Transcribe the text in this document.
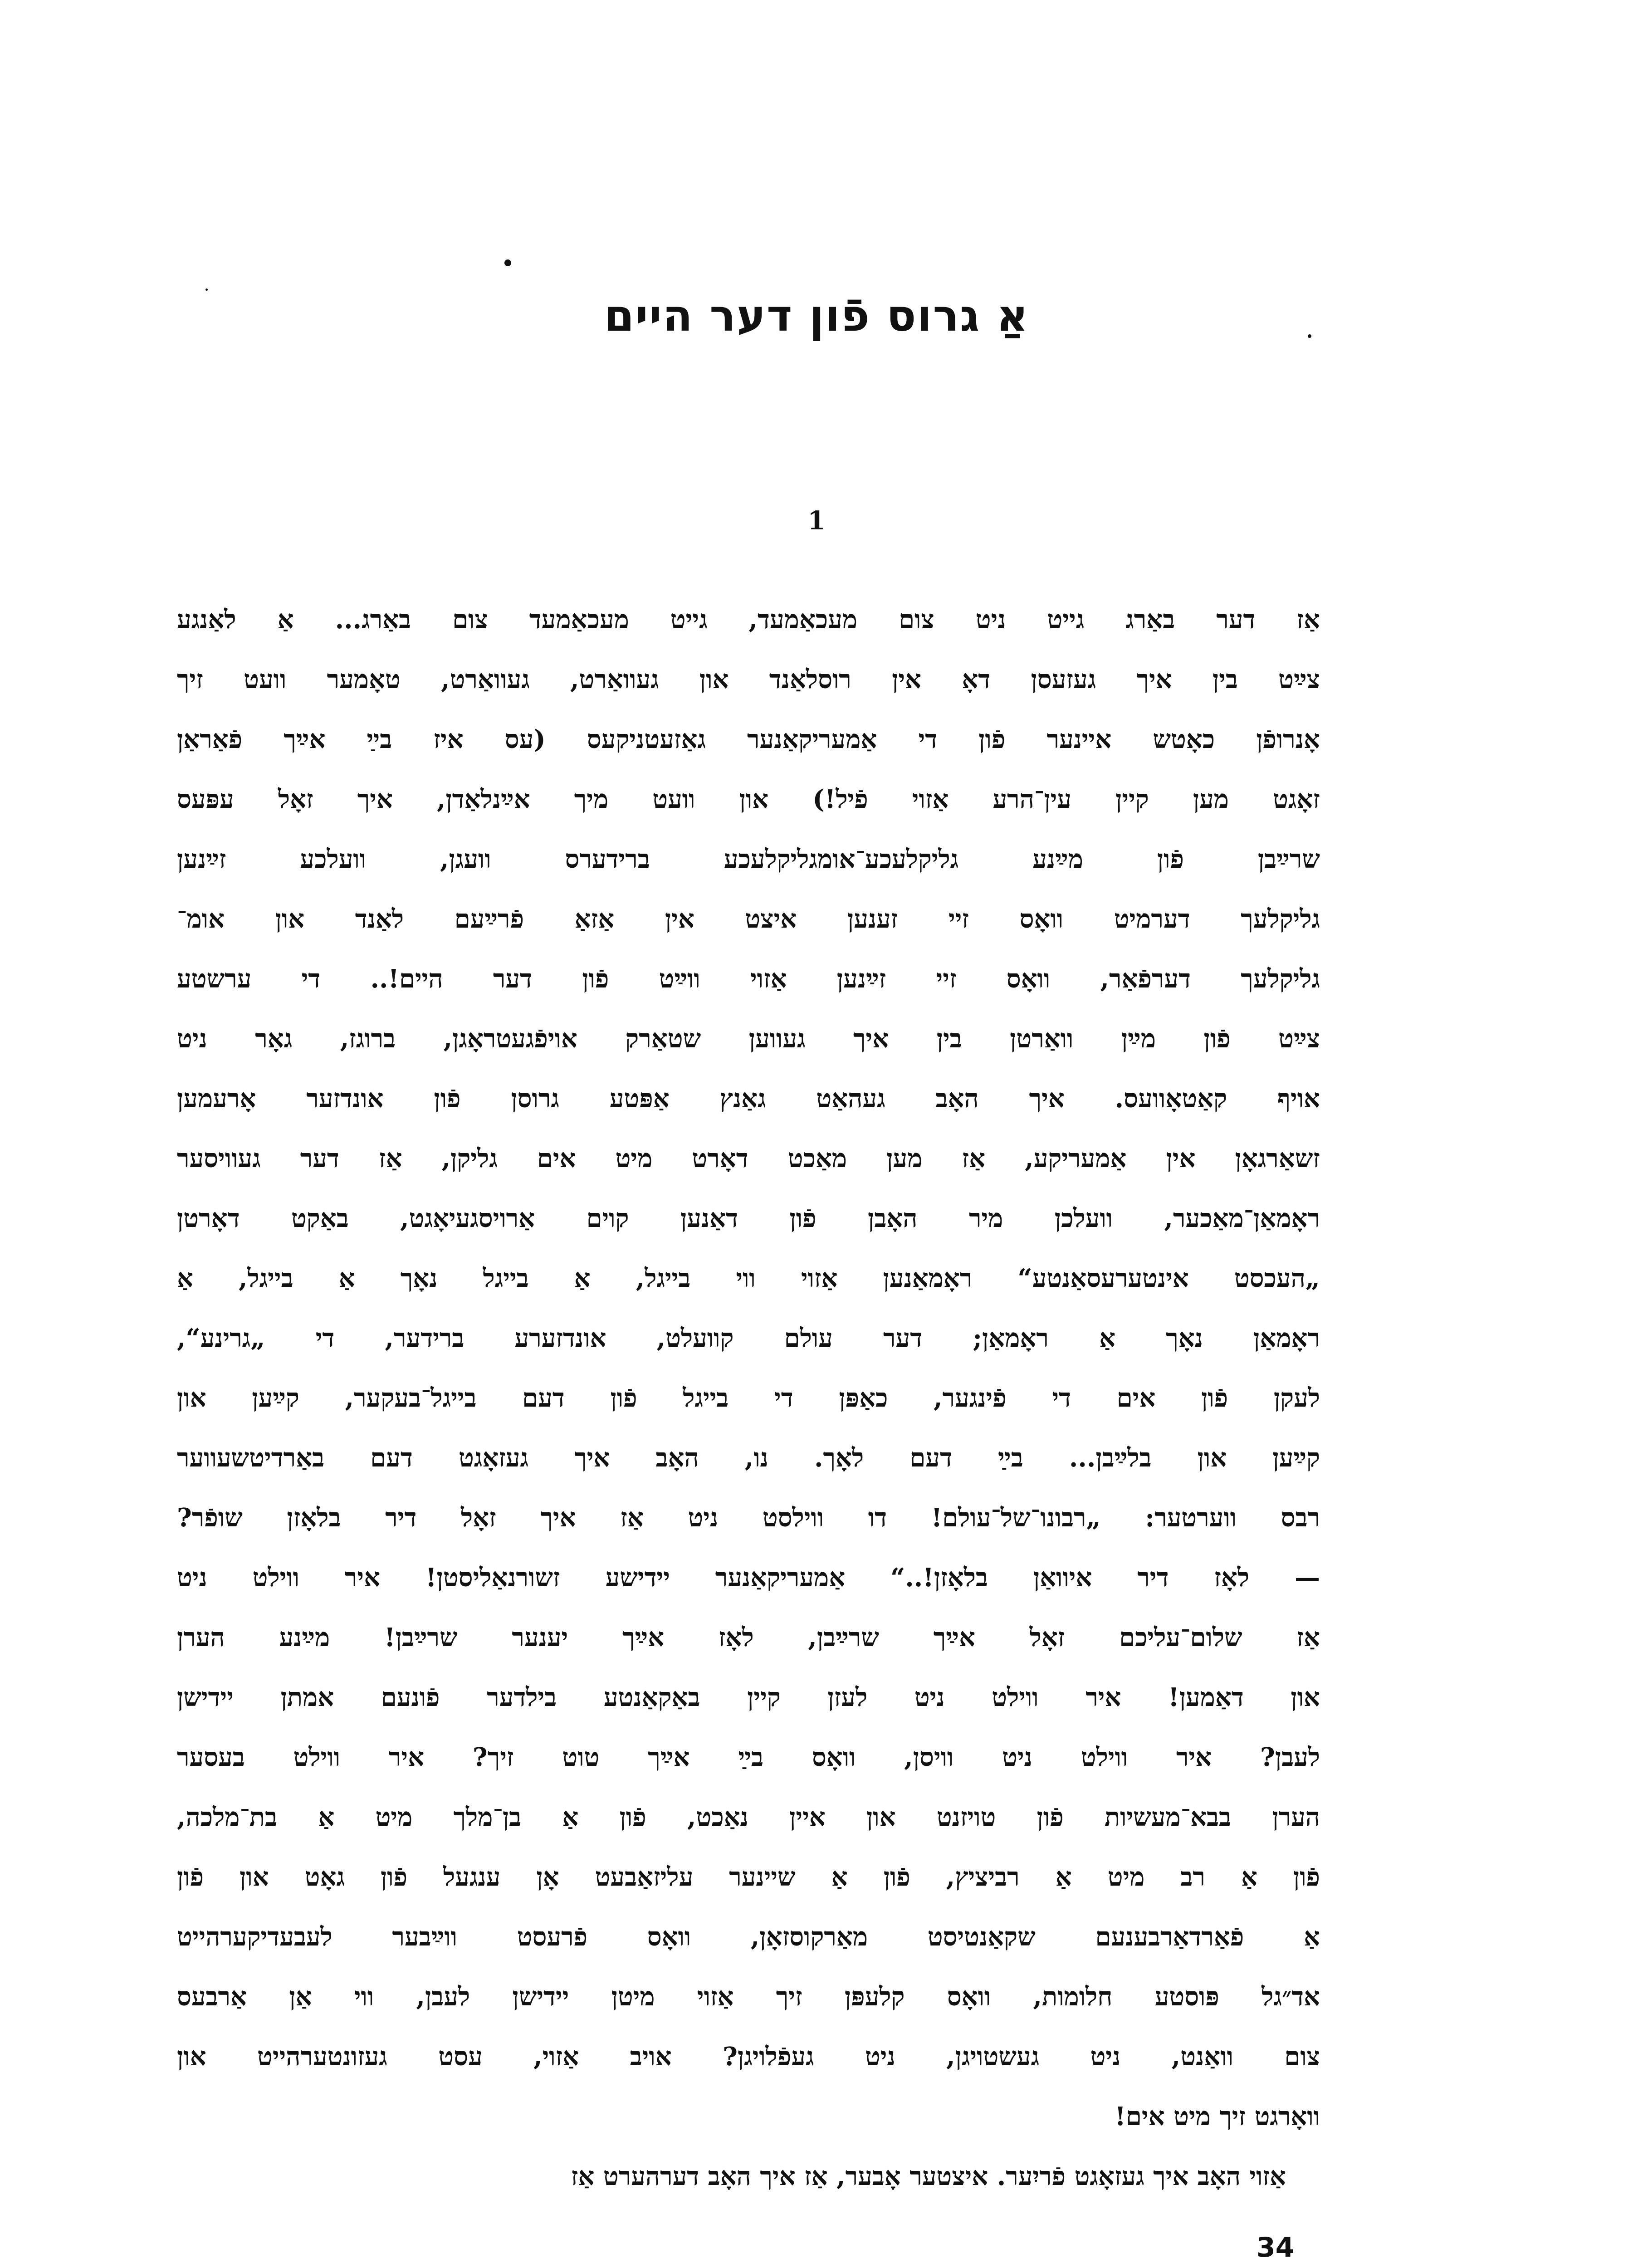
אַ גרוס פֿון דער היים
1
אַז דער באַרג גייט ניט צום מעכאַמעד, גייט מעכאַמעד צום באַרג... אַ לאַנגע
צײַט בין איך געזעסן דאָ אין רוסלאַנד און געוואַרט, געוואַרט, טאָמער וועט זיך
אָנרופֿן כאָטש איינער פֿון די אַמעריקאַנער גאַזעטניקעס (עס איז בײַ אײַך פֿאַראַן
זאָגט מען קיין עין־הרע אַזוי פֿיל!) און וועט מיך אײַנלאַדן, איך זאָל עפּעס
שרײַבן פֿון מײַנע גליקלעכע־אומגליקלעכע ברידערס וועגן, וועלכע זײַנען
גליקלעך דערמיט וואָס זיי זענען איצט אין אַזאַ פֿרײַעם לאַנד און אומ־
גליקלעך דערפֿאַר, וואָס זיי זײַנען אַזוי ווײַט פֿון דער היים!.. די ערשטע
צײַט פֿון מײַן וואַרטן בין איך געווען שטאַרק אויפֿגעטראָגן, ברוגז, גאָר ניט
אויף קאַטאָוועס. איך האָב געהאַט גאַנץ אַפּטע גרוסן פֿון אונדזער אָרעמען
זשאַרגאָן אין אַמעריקע, אַז מען מאַכט דאָרט מיט אים גליקן, אַז דער געוויסער
ראָמאַן־מאַכער, וועלכן מיר האָבן פֿון דאַנען קוים אַרויסגעיאָגט, באַקט דאָרטן
„העכסט אינטערעסאַנטע“ ראָמאַנען אַזוי ווי בייגל, אַ בייגל נאָך אַ בייגל, אַ
ראָמאַן נאָך אַ ראָמאַן; דער עולם קוועלט, אונדזערע ברידער, די „גרינע“,
לעקן פֿון אים די פֿינגער, כאַפּן די בייגל פֿון דעם בייגל־בעקער, קײַען און
קײַען און בלײַבן... בײַ דעם לאָך. נו, האָב איך געזאָגט דעם באַרדיטשעווער
רבס ווערטער: „רבונו־של־עולם! דו ווילסט ניט אַז איך זאָל דיר בלאָזן שופֿר?
— לאָז דיר איוואַן בלאָזן!..“ אַמעריקאַנער יידישע זשורנאַליסטן! איר ווילט ניט
אַז שלום־עליכם זאָל אײַך שרײַבן, לאָז אײַך יענער שרײַבן! מײַנע הערן
און דאַמען! איר ווילט ניט לעזן קיין באַקאַנטע בילדער פֿונעם אמתן יידישן
לעבן? איר ווילט ניט וויסן, וואָס בײַ אײַך טוט זיך? איר ווילט בעסער
הערן בבא־מעשיות פֿון טויזנט און איין נאַכט, פֿון אַ בן־מלך מיט אַ בת־מלכה,
פֿון אַ רב מיט אַ רביציץ, פֿון אַ שיינער עליזאַבעט אָן ענגעל פֿון גאָט און פֿון
אַ פֿאַרדאַרבענעם שקאַנטיסט מאַרקוסזאָן, וואָס פֿרעסט ווײַבער לעבעדיקערהייט
אד״גל פּוסטע חלומות, וואָס קלעפּן זיך אַזוי מיטן יידישן לעבן, ווי אַן אַרבעס
צום וואַנט, ניט געשטויגן, ניט געפֿלויגן? אויב אַזוי, עסט געזונטערהייט און
וואָרגט זיך מיט אים!
אַזוי האָב איך געזאָגט פֿריִער. איצטער אָבער, אַז איך האָב דערהערט אַז
34
